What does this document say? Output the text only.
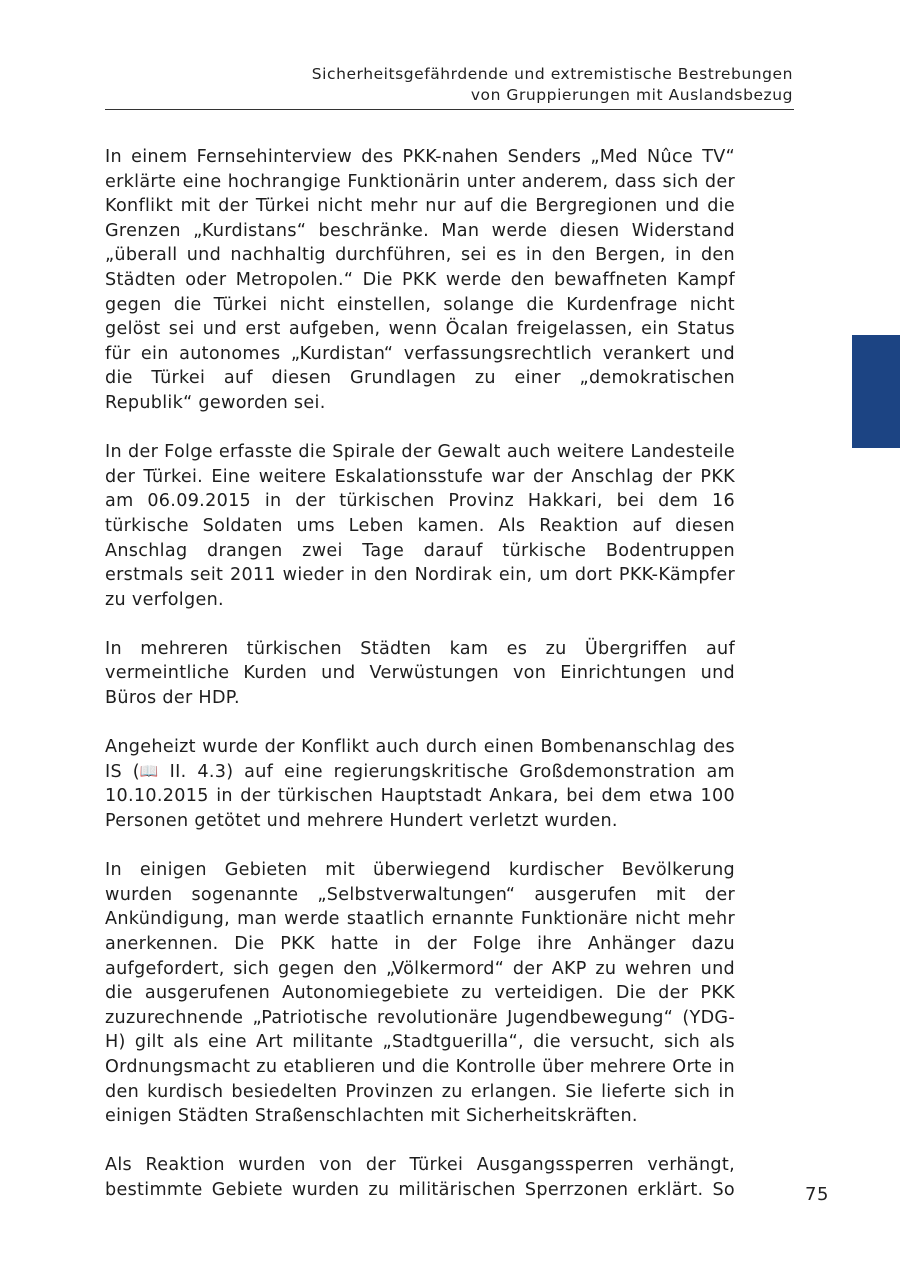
Sicherheitsgefährdende und extremistische Bestrebungen
von Gruppierungen mit Auslandsbezug

In einem Fernsehinterview des PKK-nahen Senders „Med Nûce TV“ erklärte eine hochrangige Funktionärin unter anderem, dass sich der Konflikt mit der Türkei nicht mehr nur auf die Bergregionen und die Grenzen „Kurdistans“ beschränke. Man werde diesen Widerstand „überall und nachhaltig durchführen, sei es in den Bergen, in den Städten oder Metropolen.“ Die PKK werde den bewaffneten Kampf gegen die Türkei nicht einstellen, solange die Kurdenfrage nicht gelöst sei und erst aufgeben, wenn Öcalan freigelassen, ein Status für ein autonomes „Kurdistan“ verfassungsrechtlich verankert und die Türkei auf diesen Grundlagen zu einer „demokratischen Republik“ geworden sei.

In der Folge erfasste die Spirale der Gewalt auch weitere Landesteile der Türkei. Eine weitere Eskalationsstufe war der Anschlag der PKK am 06.09.2015 in der türkischen Provinz Hakkari, bei dem 16 türkische Soldaten ums Leben kamen. Als Reaktion auf diesen Anschlag drangen zwei Tage darauf türkische Bodentruppen erstmals seit 2011 wieder in den Nordirak ein, um dort PKK-Kämpfer zu verfolgen.

In mehreren türkischen Städten kam es zu Übergriffen auf vermeintliche Kurden und Verwüstungen von Einrichtungen und Büros der HDP.

Angeheizt wurde der Konflikt auch durch einen Bombenanschlag des IS (📖 II. 4.3) auf eine regierungskritische Großdemonstration am 10.10.2015 in der türkischen Hauptstadt Ankara, bei dem etwa 100 Personen getötet und mehrere Hundert verletzt wurden.

In einigen Gebieten mit überwiegend kurdischer Bevölkerung wurden sogenannte „Selbstverwaltungen“ ausgerufen mit der Ankündigung, man werde staatlich ernannte Funktionäre nicht mehr anerkennen. Die PKK hatte in der Folge ihre Anhänger dazu aufgefordert, sich gegen den „Völkermord“ der AKP zu wehren und die ausgerufenen Autonomiegebiete zu verteidigen. Die der PKK zuzurechnende „Patriotische revolutionäre Jugendbewegung“ (YDG-H) gilt als eine Art militante „Stadtguerilla“, die versucht, sich als Ordnungsmacht zu etablieren und die Kontrolle über mehrere Orte in den kurdisch besiedelten Provinzen zu erlangen. Sie lieferte sich in einigen Städten Straßenschlachten mit Sicherheitskräften.

Als Reaktion wurden von der Türkei Ausgangssperren verhängt, bestimmte Gebiete wurden zu militärischen Sperrzonen erklärt. So	75
